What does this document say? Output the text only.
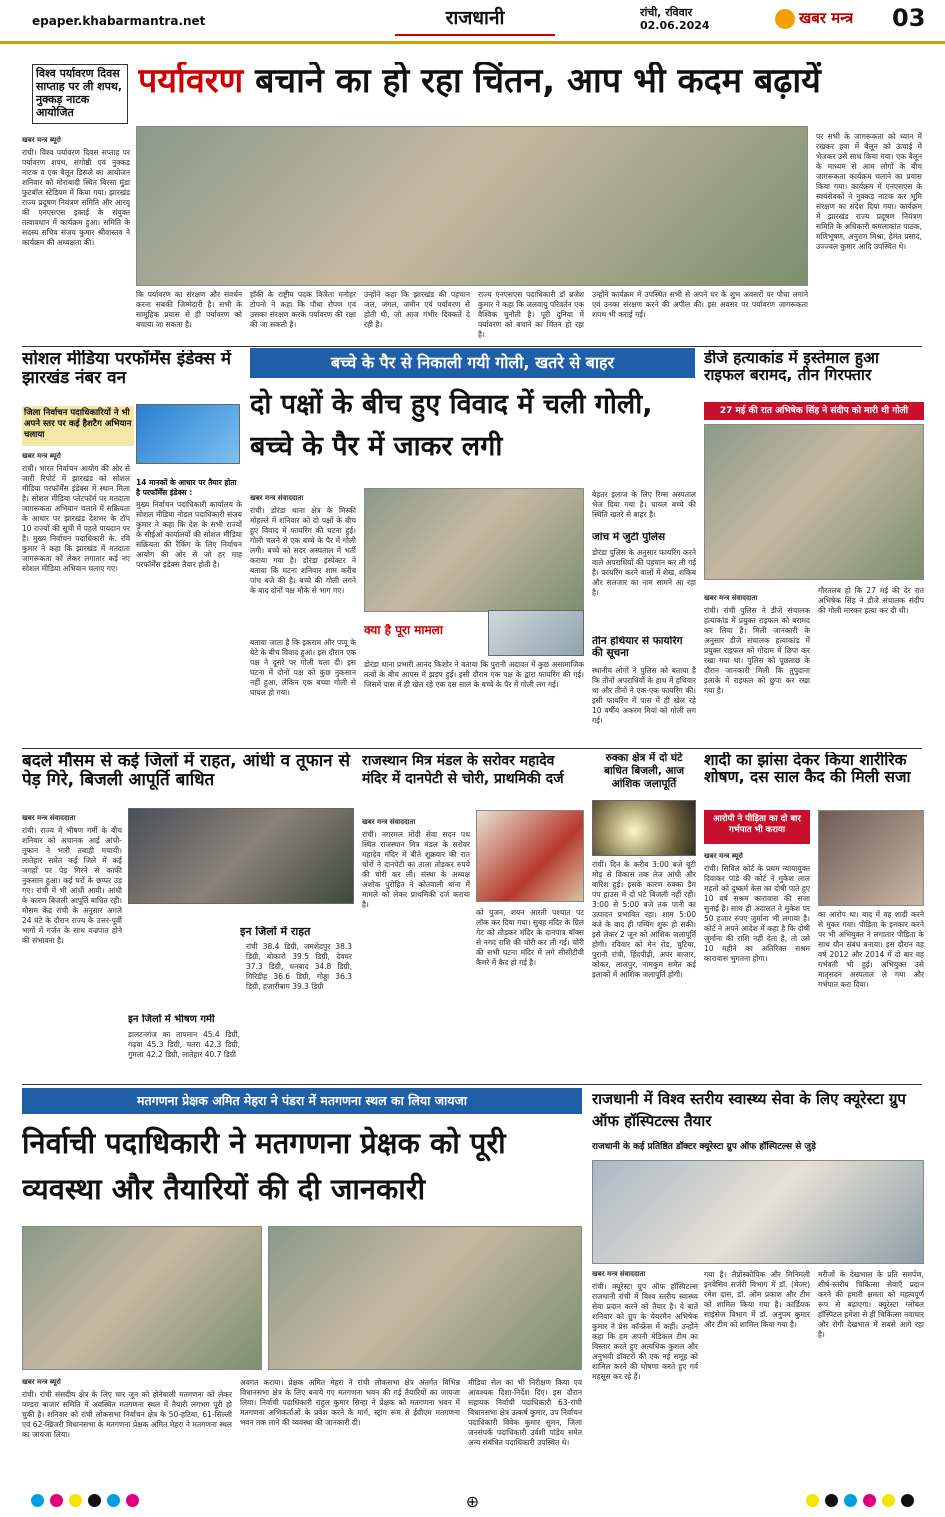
epaper.khabarmantra.net	राजधानी	रांची, रविवार
02.06.2024	खबर मन्त्र 03
विश्व पर्यावरण दिवस साप्ताह पर ली शपथ, नुक्कड़ नाटक आयोजित
पर्यावरण बचाने का हो रहा चिंतन, आप भी कदम बढ़ायें
खबर मन्त्र ब्यूरो
रांची। विश्व पर्यावरण दिवस सप्ताह पर पर्यावरण शपथ, संगोष्ठी एवं नुक्कड़ नाटक व एक बैलून डिस्प्ले का आयोजन शनिवार को मोराबादी स्थित बिरसा मुंडा फुटबॉल स्टेडियम में किया गया। झारखंड राज्य प्रदूषण नियंत्रण समिति और आरयू की एनएसएस इकाई के संयुक्त तत्वावधान में कार्यक्रम हुआ। समिति के सदस्य सचिव संजय कुमार श्रीवास्तव ने कार्यक्रम की अध्यक्षता की।
कि पर्यावरण का संरक्षण और संवर्धन करना सबकी जिम्मेदारी है। सभी के सामूहिक प्रयास से ही पर्यावरण को बचाया जा सकता है।
हॉकी के राष्ट्रीय पदक विजेता मनोहर टोपनो ने कहा कि पौधा रोपण एवं उसका संरक्षण करके पर्यावरण की रक्षा की जा सकती है।
उन्होंने कहा कि झारखंड की पहचान जल, जंगल, जमीन एवं पर्यावरण से होती थी, जो आज गंभीर दिक्कतें दे रही है।
राज्य एनएसएस पदाधिकारी डॉ ब्रजेश कुमार ने कहा कि जलवायु परिवर्तन एक वैश्विक चुनौती है। पूरी दुनिया में पर्यावरण को बचाने का चिंतन हो रहा है।
उन्होंने कार्यक्रम में उपस्थित सभी से अपने घर के शुभ अवसरों पर पौधा लगाने एवं उनका संरक्षण करने की अपील की। इस अवसर पर पर्यावरण जागरूकता शपथ भी कराई गई।
पर सभी के जागरूकता को ध्यान में रखकर हवा में बैलून को ऊंचाई में भेजकर उसे साथ किया गया। एक बैलून के माध्यम से आम लोगों के बीच जागरूकता कार्यक्रम चलाने का प्रयास किया गया। कार्यक्रम में एनएसएस के स्वयंसेवकों ने नुक्कड़ नाटक कर भूमि संरक्षण का संदेश दिया गया। कार्यक्रम में झारखंड राज्य प्रदूषण नियंत्रण समिति के अधिकारी कमलाकांत पाठक, मणिभूषण, अनुराग मिश्रा, हेमंत प्रसाद, उज्ज्वल कुमार आदि उपस्थित थे।
सोशल मीडिया परफॉर्मेंस इंडेक्स में झारखंड नंबर वन
जिला निर्वाचन पदाधिकारियों ने भी अपने स्तर पर कई हैशटैग अभियान चलाया
खबर मन्त्र ब्यूरो
रांची। भारत निर्वाचन आयोग की ओर से जारी रिपोर्ट में झारखंड को सोशल मीडिया परफॉर्मेंस इंडेक्स में स्थान मिला है। सोशल मीडिया प्लेटफॉर्म पर मतदाता जागरूकता अभियान चलाने में सक्रियता के आधार पर झारखंड देशभर के टॉप 10 राज्यों की सूची में पहले पायदान पर है। मुख्य निर्वाचन पदाधिकारी के. रवि कुमार ने कहा कि झारखंड में मतदाता जागरूकता को लेकर लगातार कई नए सोशल मीडिया अभियान चलाए गए।
14 मानकों के आधार पर तैयार होता है परफॉर्मेंस इंडेक्स :
मुख्य निर्वाचन पदाधिकारी कार्यालय के सोशल मीडिया नोडल पदाधिकारी संजय कुमार ने कहा कि देश के सभी राज्यों के सीईओ कार्यालयों की सोशल मीडिया सक्रियता की रैंकिंग के लिए निर्वाचन आयोग की ओर से जो हर माह परफॉर्मेंस इंडेक्स तैयार होती है।
बच्चे के पैर से निकाली गयी गोली, खतरे से बाहर
दो पक्षों के बीच हुए विवाद में चली गोली, बच्चे के पैर में जाकर लगी
खबर मन्त्र संवाददाता
रांची। डोरंडा थाना क्षेत्र के मिस्की मोहल्ले में शनिवार को दो पक्षों के बीच हुए विवाद में फायरिंग की घटना हुई। गोली चलने से एक बच्चे के पैर में गोली लगी। बच्चे को सदर अस्पताल में भर्ती कराया गया है। डोरंडा इंस्पेक्टर ने बताया कि घटना शनिवार शाम करीब पांच बजे की है। बच्चे की गोली लगने के बाद दोनों पक्ष मौके से भाग गए।
बताया जाता है कि इकराम और पप्पू के बेटे के बीच विवाद हुआ। इस दौरान एक पक्ष ने दूसरे पर गोली चला दी। इस घटना में दोनों पक्ष को कुछ नुकसान नहीं हुआ, लेकिन एक बच्चा गोली से घायल हो गया।
क्या है पूरा मामला
डोरंडा थाना प्रभारी आनंद किशोर ने बताया कि पुरानी अदावत में कुछ असामाजिक तत्वों के बीच आपस में झड़प हुई। इसी दौरान एक पक्ष के द्वारा फायरिंग की गई। जिसमें पास में ही खेल रहे एक दस साल के बच्चे के पैर में गोली लग गई।
बेहतर इलाज के लिए रिम्स अस्पताल भेज दिया गया है। घायल बच्चे की स्थिति खतरे से बाहर है।
जांच में जुटी पुलिस
डोरंडा पुलिस के अनुसार फायरिंग करने वाले अपराधियों की पहचान कर ली गई है। फायरिंग करने वालों में शेख, शकिब और सलजार का नाम सामने आ रहा है।
तीन हथियार से फायरिंग की सूचना
स्थानीय लोगों ने पुलिस को बताया है कि तीनों अपराधियों के हाथ में हथियार था और तीनों ने एक-एक फायरिंग की। इसी फायरिंग में पास में ही खेल रहे 10 वर्षीय अकरम मियां को गोली लग गई।
डीजे हत्याकांड में इस्तेमाल हुआ राइफल बरामद, तीन गिरफ्तार
27 मई की रात अभिषेक सिंह ने संदीप को मारी थी गोली
खबर मन्त्र संवाददाता
रांची। रांची पुलिस ने डीजे संचालक हत्याकांड में प्रयुक्त राइफल को बरामद कर लिया है। मिली जानकारी के अनुसार डीजे संचालक हत्याकांड में प्रयुक्त राइफल को गोदाम में छिपा कर रखा गया था। पुलिस को पूछताछ के दौरान जानकारी मिली कि तुपुदाना इलाके में राइफल को छुपा कर रखा गया है।
गौरतलब हो कि 27 मई की देर रात अभिषेक सिंह ने डीजे संचालक संदीप की गोली मारकर हत्या कर दी थी।
बदले मौसम से कई जिलों में राहत, आंधी व तूफान से पेड़ गिरे, बिजली आपूर्ति बाधित
खबर मन्त्र संवाददाता
रांची। राज्य में भीषण गर्मी के बीच शनिवार को अचानक आई आंधी-तूफान ने भारी तबाही मचायी। लातेहार समेत कई जिले में कई जगहों पर पेड़ गिरने से काफी नुकसान हुआ। कई घरों के छप्पर उड़ गए। रांची में भी आंधी आयी। आंधी के कारण बिजली आपूर्ति बाधित रही। मौसम केंद्र रांची के अनुसार अगले 24 घंटे के दौरान राज्य के उत्तर-पूर्वी भागों में गर्जन के साथ वज्रपात होने की संभावना है।
इन जिलों में राहत
रांची 38.4 डिग्री, जमशेदपुर 38.3 डिग्री, बोकारो 39.5 डिग्री, देवघर 37.3 डिग्री, धनबाद 34.8 डिग्री, गिरिडीह 36.6 डिग्री, गोड्डा 36.3 डिग्री, हजारीबाग 39.3 डिग्री
इन जिलों में भीषण गर्मी
डालटनगंज का तापमान 45.4 डिग्री, गढ़वा 45.3 डिग्री, चतरा 42.3 डिग्री, गुमला 42.2 डिग्री, लातेहार 40.7 डिग्री
राजस्थान मित्र मंडल के सरोवर महादेव मंदिर में दानपेटी से चोरी, प्राथमिकी दर्ज
खबर मन्त्र संवाददाता
रांची। नगरमल मोदी सेवा सदन पथ स्थित राजस्थान मित्र मंडल के सरोवर महादेव मंदिर में बीते शुक्रवार की रात चोरों ने दानपेटी का ताला तोड़कर रुपये की चोरी कर ली। संस्था के अध्यक्ष अशोक पुरोहित ने कोतवाली थाना में मामले को लेकर प्राथमिकी दर्ज कराया है।
को पुजन, शयन आरती पश्चात पट लॉक कर दिया गया। सुबह मंदिर के ग्रिल गेट को तोड़कर मंदिर के दानपात्र बॉक्स से नगद राशि की चोरी कर ली गई। चोरी की सभी घटना मंदिर में लगे सीसीटीवी कैमरे में कैद हो गई है।
रुक्का क्षेत्र में दो घंटे बाधित बिजली, आज आंशिक जलापूर्ति
रांची। दिन के करीब 3:00 बजे बूटी मोड़ से विकास तक तेज आंधी और बारिश हुई। इसके कारण रुक्का डैम पंप हाउस में दो घंटे बिजली नहीं रही। 3:00 से 5:00 बजे तक पानी का उत्पादन प्रभावित रहा। शाम 5:00 बजे के बाद ही पम्पिंग शुरू हो सकी। इसे लेकर 2 जून को आंशिक जलापूर्ति होगी। रविवार को मेन रोड, चुटिया, पुरानी रांची, हिंदपीढ़ी, अपर बाजार, कोकर, लालपुर, नामकुम समेत कई इलाकों में आंशिक जलापूर्ति होगी।
शादी का झांसा देकर किया शारीरिक शोषण, दस साल कैद की मिली सजा
आरोपी ने पीड़िता का दो बार गर्भपात भी कराया
खबर मन्त्र ब्यूरो
रांची। सिविल कोर्ट के प्रथम न्यायायुक्त दिवाकर पांडे की कोर्ट ने मुकेश लाल महतो को दुष्कर्म केस का दोषी पाते हुए 10 वर्ष सश्रम कारावास की सजा सुनाई है। साथ ही अदालत ने मुकेश पर 50 हजार रुपए जुर्माना भी लगाया है। कोर्ट ने अपने आदेश में कहा है कि दोषी जुर्माना की राशि नहीं देता है, तो उसे 10 महीने का अतिरिक्त सश्रम कारावास भुगतना होगा।
का आरोप था। बाद में वह शादी करने से मुकर गया। पीड़िता के इनकार करने पर भी अभियुक्त ने लगातार पीड़िता के साथ यौन संबंध बनाया। इस दौरान वह वर्ष 2012 और 2014 में दो बार वह गर्भवती भी हुई। अभियुक्त उसे मातृसदन अस्पताल ले गया और गर्भपात करा दिया।
मतगणना प्रेक्षक अमित मेहरा ने पंडरा में मतगणना स्थल का लिया जायजा
निर्वाची पदाधिकारी ने मतगणना प्रेक्षक को पूरी व्यवस्था और तैयारियों की दी जानकारी
खबर मन्त्र ब्यूरो
रांची। रांची संसदीय क्षेत्र के लिए चार जून को होनेवाली मतगणना को लेकर पण्डरा बाजार समिति में अवस्थित मतगणना स्थल में तैयारी लगभग पूरी हो चुकी है। शनिवार को रांची लोकसभा निर्वाचन क्षेत्र के 50-हटिया, 61-सिल्ली एवं 62-खिजरी विधानसभा के मतगणना प्रेक्षक अमित मेहरा ने मतगणना स्थल का जायजा लिया।
अवगत कराया। प्रेक्षक अमित मेहरा ने रांची लोकसभा क्षेत्र अंतर्गत विभिन्न विधानसभा क्षेत्र के लिए बनाये गए मतगणना भवन की गई तैयारियों का जायजा लिया। निर्वाची पदाधिकारी राहुल कुमार सिन्हा ने प्रेक्षक को मतगणना भवन में मतगणना अभिकर्ताओं के प्रवेश करने के मार्ग, स्ट्रांग रूम से ईवीएम मतगणना भवन तक लाने की व्यवस्था की जानकारी दी।
मीडिया सेल का भी निरीक्षण किया एवं आवश्यक दिशा-निर्देश दिए। इस दौरान सहायक निर्वाची पदाधिकारी 63-रांची विधानसभा क्षेत्र उत्कर्ष कुमार, उप निर्वाचन पदाधिकारी विवेक कुमार सुमन, जिला जनसंपर्क पदाधिकारी उर्वशी पांडेय समेत अन्य संबंधित पदाधिकारी उपस्थित थे।
राजधानी में विश्व स्तरीय स्वास्थ्य सेवा के लिए क्यूरेस्टा ग्रुप ऑफ हॉस्पिटल्स तैयार
राजधानी के कई प्रतिष्ठित डॉक्टर क्यूरेस्टा ग्रुप ऑफ हॉस्पिटल्स से जुड़े
खबर मन्त्र संवाददाता
रांची। क्यूरेस्टा ग्रुप ऑफ हॉस्पिटल्स राजधानी रांची में विश्व स्तरीय स्वास्थ्य सेवा प्रदान करने को तैयार है। ये बातें शनिवार को ग्रुप के चेयरमैन अभिषेक कुमार ने प्रेस कॉन्फ्रेंस में कहीं। उन्होंने कहा कि हम अपनी मेडिकल टीम का विस्तार करते हुए अत्यधिक कुशल और अनुभवी डॉक्टरों की एक नई समूह को शामिल करने की घोषणा करते हुए गर्व महसूस कर रहे हैं।
गया है। लैप्रोस्कोपिक और मिनिमली इनवेसिव सर्जरी विभाग में डॉ. (मेजर) रमेश दास, डॉ. ओम प्रकाश और टीम को शामिल किया गया है। कार्डियक साइंसेज विभाग में डॉ. अनुपम कुमार और टीम को शामिल किया गया है।
मरीजों के देखभाल के प्रति समर्पण, शीर्ष-स्तरीय चिकित्सा सेवाएँ प्रदान करने की हमारी क्षमता को महत्वपूर्ण रूप से बढ़ाएगा। क्यूरेस्टा ग्लोबल हॉस्पिटल हमेशा से ही चिकित्सा नवाचार और रोगी देखभाल में सबसे आगे रहा है।
⊕
